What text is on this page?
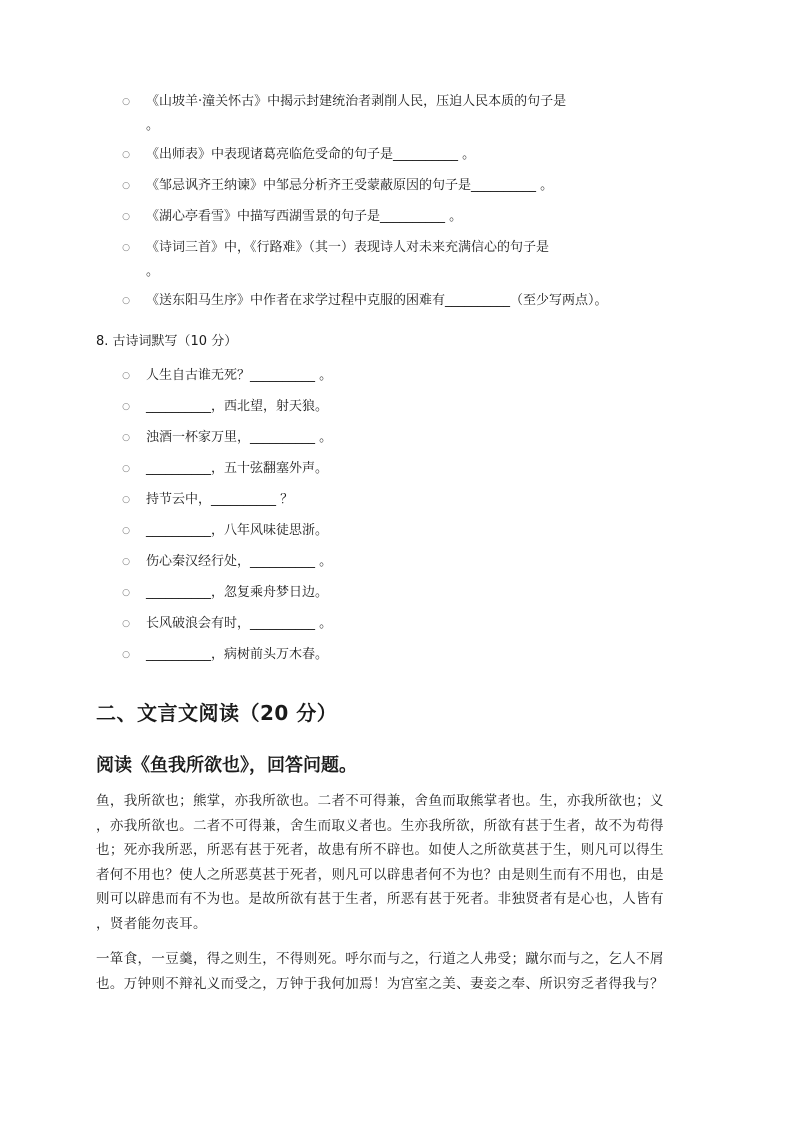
○ 《山坡羊·潼关怀古》中揭示封建统治者剥削人民，压迫人民本质的句子是
。
○ 《出师表》中表现诸葛亮临危受命的句子是__________ 。
○ 《邹忌讽齐王纳谏》中邹忌分析齐王受蒙蔽原因的句子是__________ 。
○ 《湖心亭看雪》中描写西湖雪景的句子是__________ 。
○ 《诗词三首》中，《行路难》（其一）表现诗人对未来充满信心的句子是
。
○ 《送东阳马生序》中作者在求学过程中克服的困难有__________（至少写两点）。
8. 古诗词默写（10 分）
○ 人生自古谁无死？__________ 。
○ __________，西北望，射天狼。
○ 浊酒一杯家万里，__________ 。
○ __________，五十弦翻塞外声。
○ 持节云中，__________ ？
○ __________，八年风味徒思浙。
○ 伤心秦汉经行处，__________ 。
○ __________，忽复乘舟梦日边。
○ 长风破浪会有时，__________ 。
○ __________，病树前头万木春。
二、文言文阅读（20 分）
阅读《鱼我所欲也》，回答问题。
鱼，我所欲也；熊掌，亦我所欲也。二者不可得兼，舍鱼而取熊掌者也。生，亦我所欲也；义
，亦我所欲也。二者不可得兼，舍生而取义者也。生亦我所欲，所欲有甚于生者，故不为苟得
也；死亦我所恶，所恶有甚于死者，故患有所不辟也。如使人之所欲莫甚于生，则凡可以得生
者何不用也？使人之所恶莫甚于死者，则凡可以辟患者何不为也？由是则生而有不用也，由是
则可以辟患而有不为也。是故所欲有甚于生者，所恶有甚于死者。非独贤者有是心也，人皆有
，贤者能勿丧耳。
一箪食，一豆羹，得之则生，不得则死。呼尔而与之，行道之人弗受；蹴尔而与之，乞人不屑
也。万钟则不辩礼义而受之，万钟于我何加焉！为宫室之美、妻妾之奉、所识穷乏者得我与？
